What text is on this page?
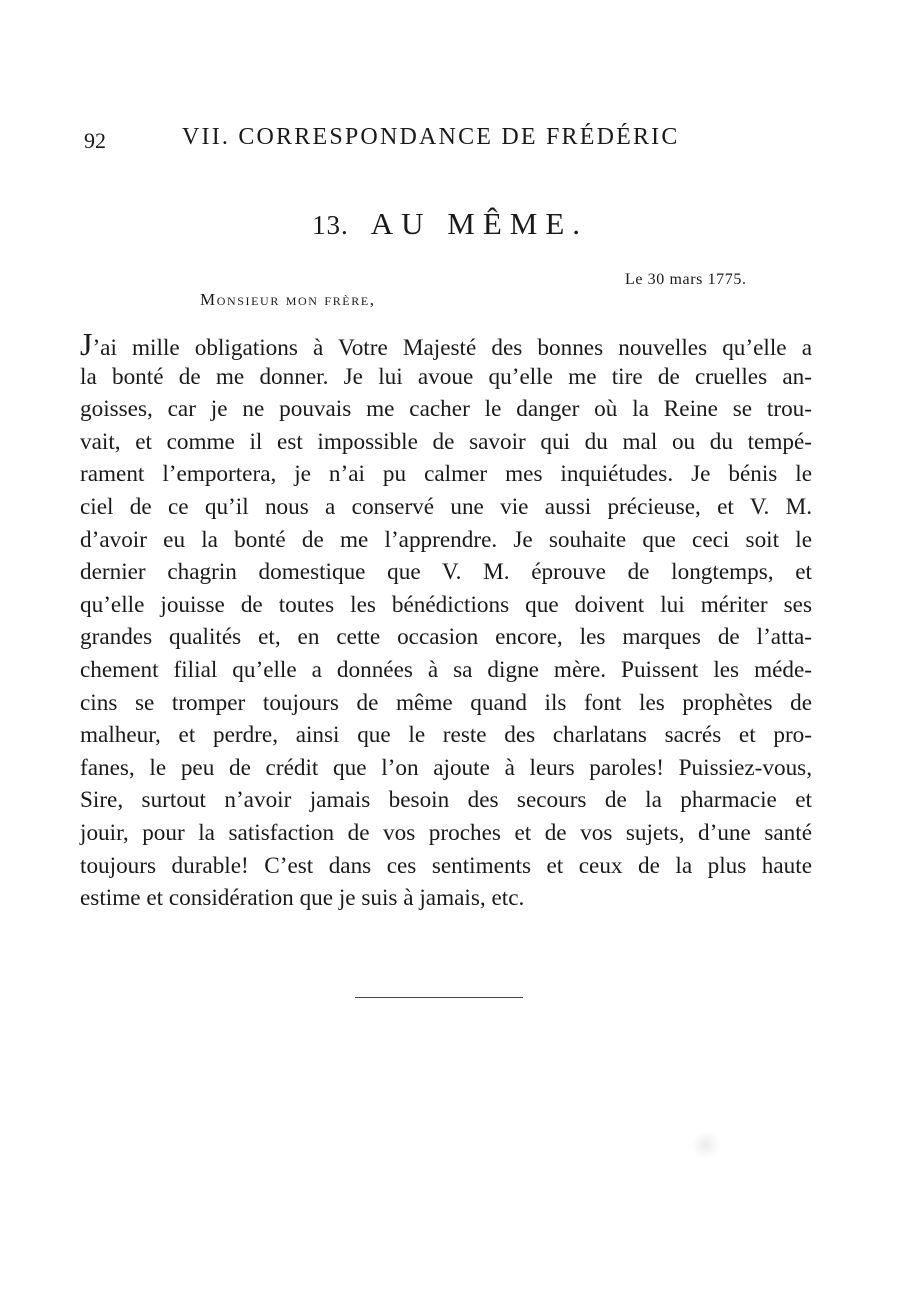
92	VII. CORRESPONDANCE DE FRÉDÉRIC
13. AU MÊME.
Le 30 mars 1775.
Monsieur mon frère,
J’ai mille obligations à Votre Majesté des bonnes nouvelles qu’elle a
la bonté de me donner. Je lui avoue qu’elle me tire de cruelles an-
goisses, car je ne pouvais me cacher le danger où la Reine se trou-
vait, et comme il est impossible de savoir qui du mal ou du tempé-
rament l’emportera, je n’ai pu calmer mes inquiétudes. Je bénis le
ciel de ce qu’il nous a conservé une vie aussi précieuse, et V. M.
d’avoir eu la bonté de me l’apprendre. Je souhaite que ceci soit le
dernier chagrin domestique que V. M. éprouve de longtemps, et
qu’elle jouisse de toutes les bénédictions que doivent lui mériter ses
grandes qualités et, en cette occasion encore, les marques de l’atta-
chement filial qu’elle a données à sa digne mère. Puissent les méde-
cins se tromper toujours de même quand ils font les prophètes de
malheur, et perdre, ainsi que le reste des charlatans sacrés et pro-
fanes, le peu de crédit que l’on ajoute à leurs paroles! Puissiez-vous,
Sire, surtout n’avoir jamais besoin des secours de la pharmacie et
jouir, pour la satisfaction de vos proches et de vos sujets, d’une santé
toujours durable! C’est dans ces sentiments et ceux de la plus haute
estime et considération que je suis à jamais, etc.
